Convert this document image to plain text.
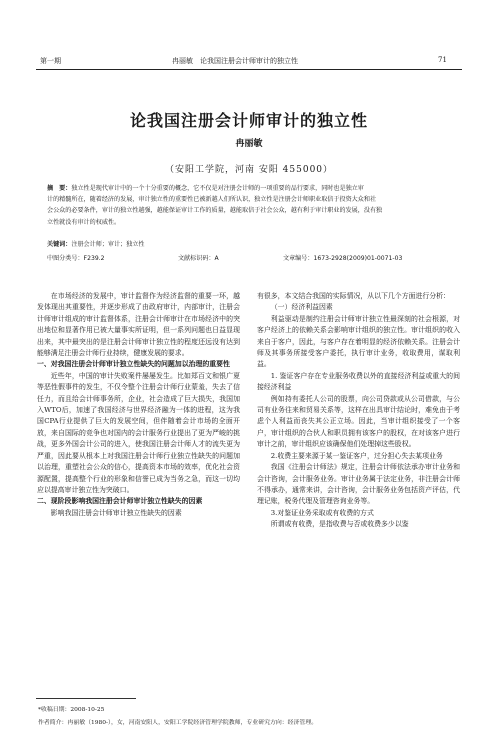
第一期	冉丽敏　论我国注册会计师审计的独立性	71
论我国注册会计师审计的独立性
冉丽敏
（安阳工学院，河南 安阳 455000）
摘　要：独立性是现代审计中的一个十分重要的概念，它不仅是对注册会计师的一项重要的品行要求，同时也是独立审
计的精髓所在，随着经济的发展，审计独立性的重要性已被新越人们所认识，独立性是注册会计师职业取信于投资大众和社
会公众的必要条件，审计的独立性越强，越能保证审计工作的质量，越能取信于社会公众，越有利于审计职业的发展，没有独
立性就没有审计的权威性。
关键词：注册会计师；审计；独立性
中图分类号：F239.2	文献标识码：A	文章编号：1673-2928(2009)01-0071-03

在市场经济的发展中，审计监督作为经济监督的重要一环，越发体现出其重要性，并逐步形成了由政府审计，内部审计，注册会计师审计组成的审计监督体系，注册会计师审计在市场经济中的突出地位和显著作用已被大量事实所证明，但一系列问题也日益显现出来，其中最突出的是注册会计师审计独立性的程度还远没有达到能够满足注册会计师行业持续，健康发展的要求。

一、对我国注册会计师审计独立性缺失的问题加以治理的重要性

近些年，中国的审计失败案件屡屡发生。比如郑百文和银广夏等恶性假事件的发生，不仅令整个注册会计师行业蒙羞，失去了信任力，而且给会计师事务所，企业，社会造成了巨大损失，我国加入WTO后，加速了我国经济与世界经济融为一体的进程，这为我国CPA行业提供了巨大的发展空间，但伴随着会计市场的全面开放，来自国际的竞争也对国内的会计服务行业提出了更为严峻的挑战，更多外国会计公司的进入，使我国注册会计师人才的流失更为严重，因此要从根本上对我国注册会计师行业独立性缺失的问题加以治理，重塑社会公众的信心，提高资本市场的效率，优化社会资源配置，提高整个行业的形象和信誉已成为当务之急，而这一切均应以提高审计独立性为突破口。

二、现阶段影响我国注册会计师审计独立性缺失的因素

影响我国注册会计师审计独立性缺失的因素

有很多，本文结合我国的实际情况，从以下几个方面进行分析：
（一）经济利益因素

利益驱动是制约注册会计师审计独立性最深刻的社会根源，对客户经济上的依赖关系会影响审计组织的独立性。审计组织的收入来自于客户，因此，与客户存在着明显的经济依赖关系。注册会计师及其事务所接受客户委托，执行审计业务，收取费用，谋取利益。

1. 鉴证客户存在专业服务收费以外的直接经济利益或重大的间接经济利益

例如持有委托人公司的股票，向公司贷款或从公司借款，与公司有业务往来和贸易关系等，这样在出具审计结论时，难免由于考虑个人利益而丧失其公正立场。因此，当审计组织接受了一个客户，审计组织的合伙人和职员拥有该客户的股权，在对该客户进行审计之前，审计组织应该确保他们处理掉这些股权。

2.收费主要来源于某一鉴证客户，过分担心失去某项业务

我国《注册会计师法》规定，注册会计师依法承办审计业务和会计咨询，会计服务业务。审计业务属于法定业务，非注册会计师不得承办，通常来讲，会计咨询，会计服务业务包括资产评估，代理记账，税务代理及管理咨询业务等。

3.对鉴证业务采取或有收费的方式

所谓或有收费，是指收费与否或收费多少以鉴

*收稿日期：2008-10-25
作者简介：冉丽敏（1980-），女，河南安阳人，安阳工学院经济管理学院教师，专业研究方向：经济管理。
